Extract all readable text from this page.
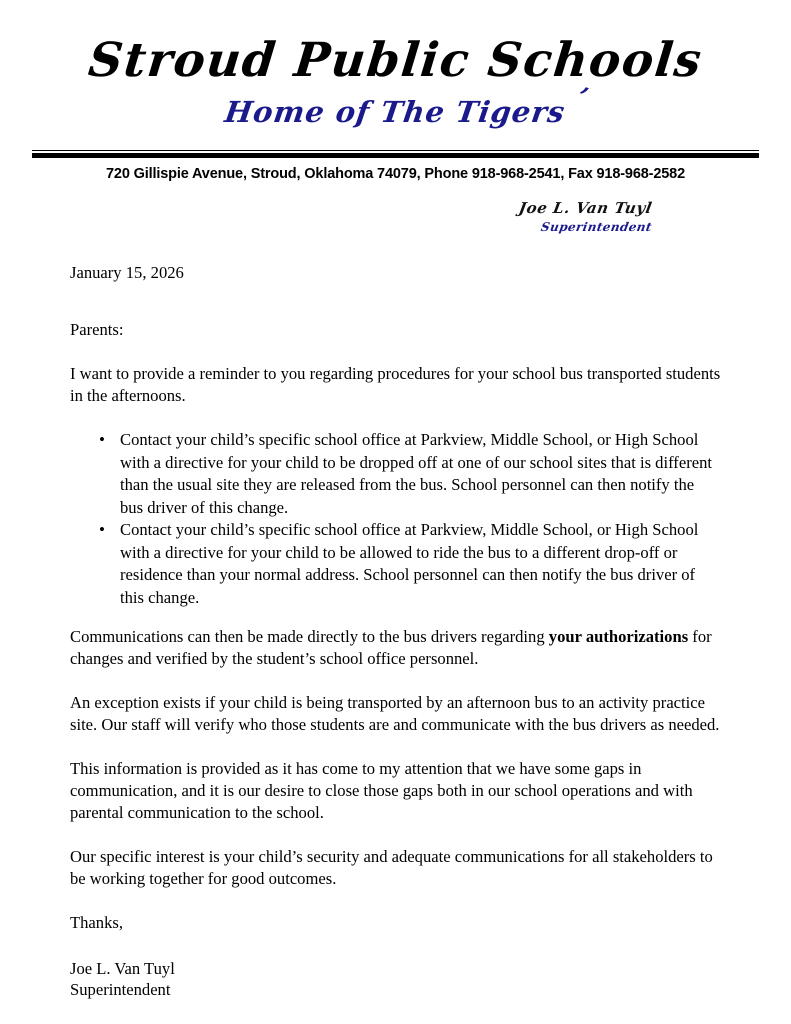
Stroud Public Schools
Home of The Tigers ’
720 Gillispie Avenue, Stroud, Oklahoma 74079, Phone 918-968-2541, Fax 918-968-2582
Joe L. Van Tuyl
Superintendent
January 15, 2026
Parents:

I want to provide a reminder to you regarding procedures for your school bus transported students in the afternoons.

• Contact your child’s specific school office at Parkview, Middle School, or High School with a directive for your child to be dropped off at one of our school sites that is different than the usual site they are released from the bus. School personnel can then notify the bus driver of this change.
• Contact your child’s specific school office at Parkview, Middle School, or High School with a directive for your child to be allowed to ride the bus to a different drop-off or residence than your normal address. School personnel can then notify the bus driver of this change.

Communications can then be made directly to the bus drivers regarding your authorizations for changes and verified by the student’s school office personnel.

An exception exists if your child is being transported by an afternoon bus to an activity practice site. Our staff will verify who those students are and communicate with the bus drivers as needed.

This information is provided as it has come to my attention that we have some gaps in communication, and it is our desire to close those gaps both in our school operations and with parental communication to the school.

Our specific interest is your child’s security and adequate communications for all stakeholders to be working together for good outcomes.

Thanks,

Joe L. Van Tuyl

Superintendent
